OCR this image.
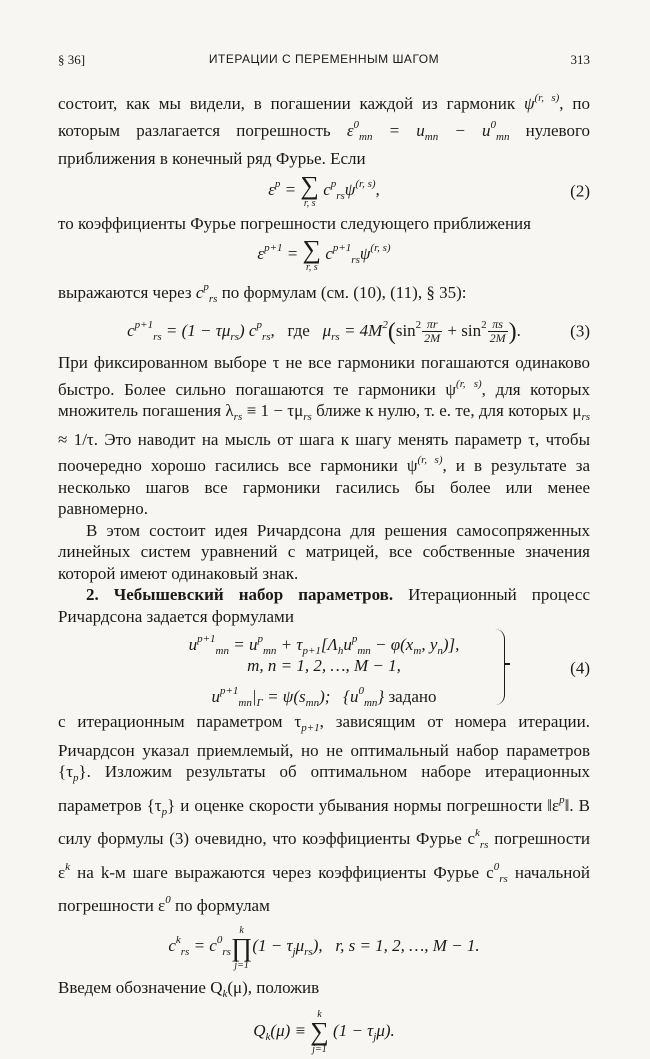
§ 36]	ИТЕРАЦИИ С ПЕРЕМЕННЫМ ШАГОМ	313

состоит, как мы видели, в погашении каждой из гармоник $\psi^{(r, s)}$, по которым разлагается погрешность $\varepsilon^0_{mn} = u_{mn} - u^0_{mn}$ нулевого приближения в конечный ряд Фурье. Если

$\varepsilon^p$ = ∑
r, s
$c^p_{rs}\psi^{(r, s)}$,	(2)

то коэффициенты Фурье погрешности следующего приближения

$\varepsilon^{p+1}$ = ∑
r, s
$c^{p+1}_{rs}\psi^{(r, s)}$

выражаются через $c^p_{rs}$ по формулам (см. (10), (11), § 35):

$c^{p+1}_{rs} = (1 - \tau\mu_{rs})$ $c^p_{rs}$, где $\mu_{rs} = 4M^2(\sin^2 \frac{\pi r}{2M} + \sin^2 \frac{\pi s}{2M}$ ).	(3)

При фиксированном выборе τ не все гармоники погашаются одинаково быстро. Более сильно погашаются те гармоники $\psi^{(r, s)}$, для которых множитель погашения $\lambda_{rs} \equiv 1 - \tau\mu_{rs}$ ближе к нулю, т. е. те, для которых $\mu_{rs} \approx 1/\tau$. Это наводит на мысль от шага к шагу менять параметр τ, чтобы поочередно хорошо гасились все гармоники $\psi^{(r, s)}$, и в результате за несколько шагов все гармоники гасились бы более или менее равномерно.

В этом состоит идея Ричардсона для решения самосопряженных линейных систем уравнений с матрицей, все собственные значения которой имеют одинаковый знак.

2. Чебышевский набор параметров. Итерационный процесс Ричардсона задается формулами

$u^{p+1}_{mn} = u^p_{mn} + \tau_{p+1}[\Lambda_hu^p_{mn} - \varphi(x_m$, $y_n$)],
m, n = 1, 2, …, M − 1,
$u^{p+1}_{mn}|_\Gamma = \psi(s_{mn})$;   $\{u^0_{mn}\}$ задано
(4)

с итерационным параметром $\tau_{p+1}$, зависящим от номера итерации. Ричардсон указал приемлемый, но не оптимальный набор параметров $\{\tau_p\}$. Изложим результаты об оптимальном наборе итерационных параметров $\{\tau_p\}$ и оценке скорости убывания нормы погрешности $‖\varepsilon^p‖$. В силу формулы (3) очевидно, что коэффициенты Фурье $c^k_{rs}$ погрешности $\varepsilon^k$ на k-м шаге выражаются через коэффициенты Фурье $c^0_{rs}$ начальной погрешности $\varepsilon^0$ по формулам

$c^k_{rs} = c^0_{rs}$
k
∏
j=1
$(1 - \tau_j\mu_{rs})$,   r, s = 1, 2, …, M − 1.

Введем обозначение $Q_k(\mu)$, положив

$Q_k(\mu)$ ≡
k
∑
j=1
$(1 - \tau_j\mu)$.
